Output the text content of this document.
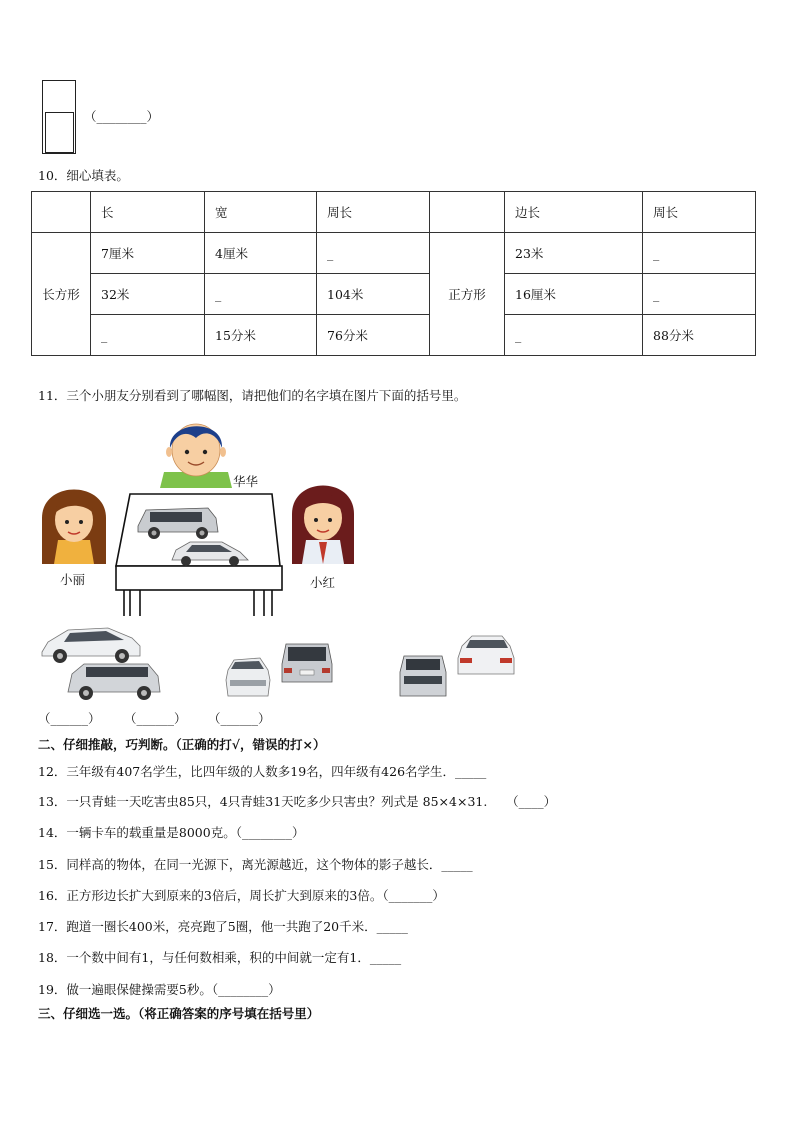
（________）
10．细心填表。
	长	宽	周长		边长	周长
长方形	7厘米	4厘米	_	正方形	23米	_
	32米	_	104米		16厘米	_
	_	15分米	76分米		_	88分米
11．三个小朋友分别看到了哪幅图，请把他们的名字填在图片下面的括号里。
华华
小丽	小红
（______） （______） （______）
二、仔细推敲，巧判断。（正确的打√，错误的打×）
12．三年级有407名学生，比四年级的人数多19名，四年级有426名学生．_____
13．一只青蛙一天吃害虫85只，4只青蛙31天吃多少只害虫？列式是 85×4×31.　　（____）
14．一辆卡车的载重量是8000克。（________）
15．同样高的物体，在同一光源下，离光源越近，这个物体的影子越长．_____
16．正方形边长扩大到原来的3倍后，周长扩大到原来的3倍。（_______）
17．跑道一圈长400米，亮亮跑了5圈，他一共跑了20千米．_____
18．一个数中间有1，与任何数相乘，积的中间就一定有1．_____
19．做一遍眼保健操需要5秒。（________）
三、仔细选一选。（将正确答案的序号填在括号里）
